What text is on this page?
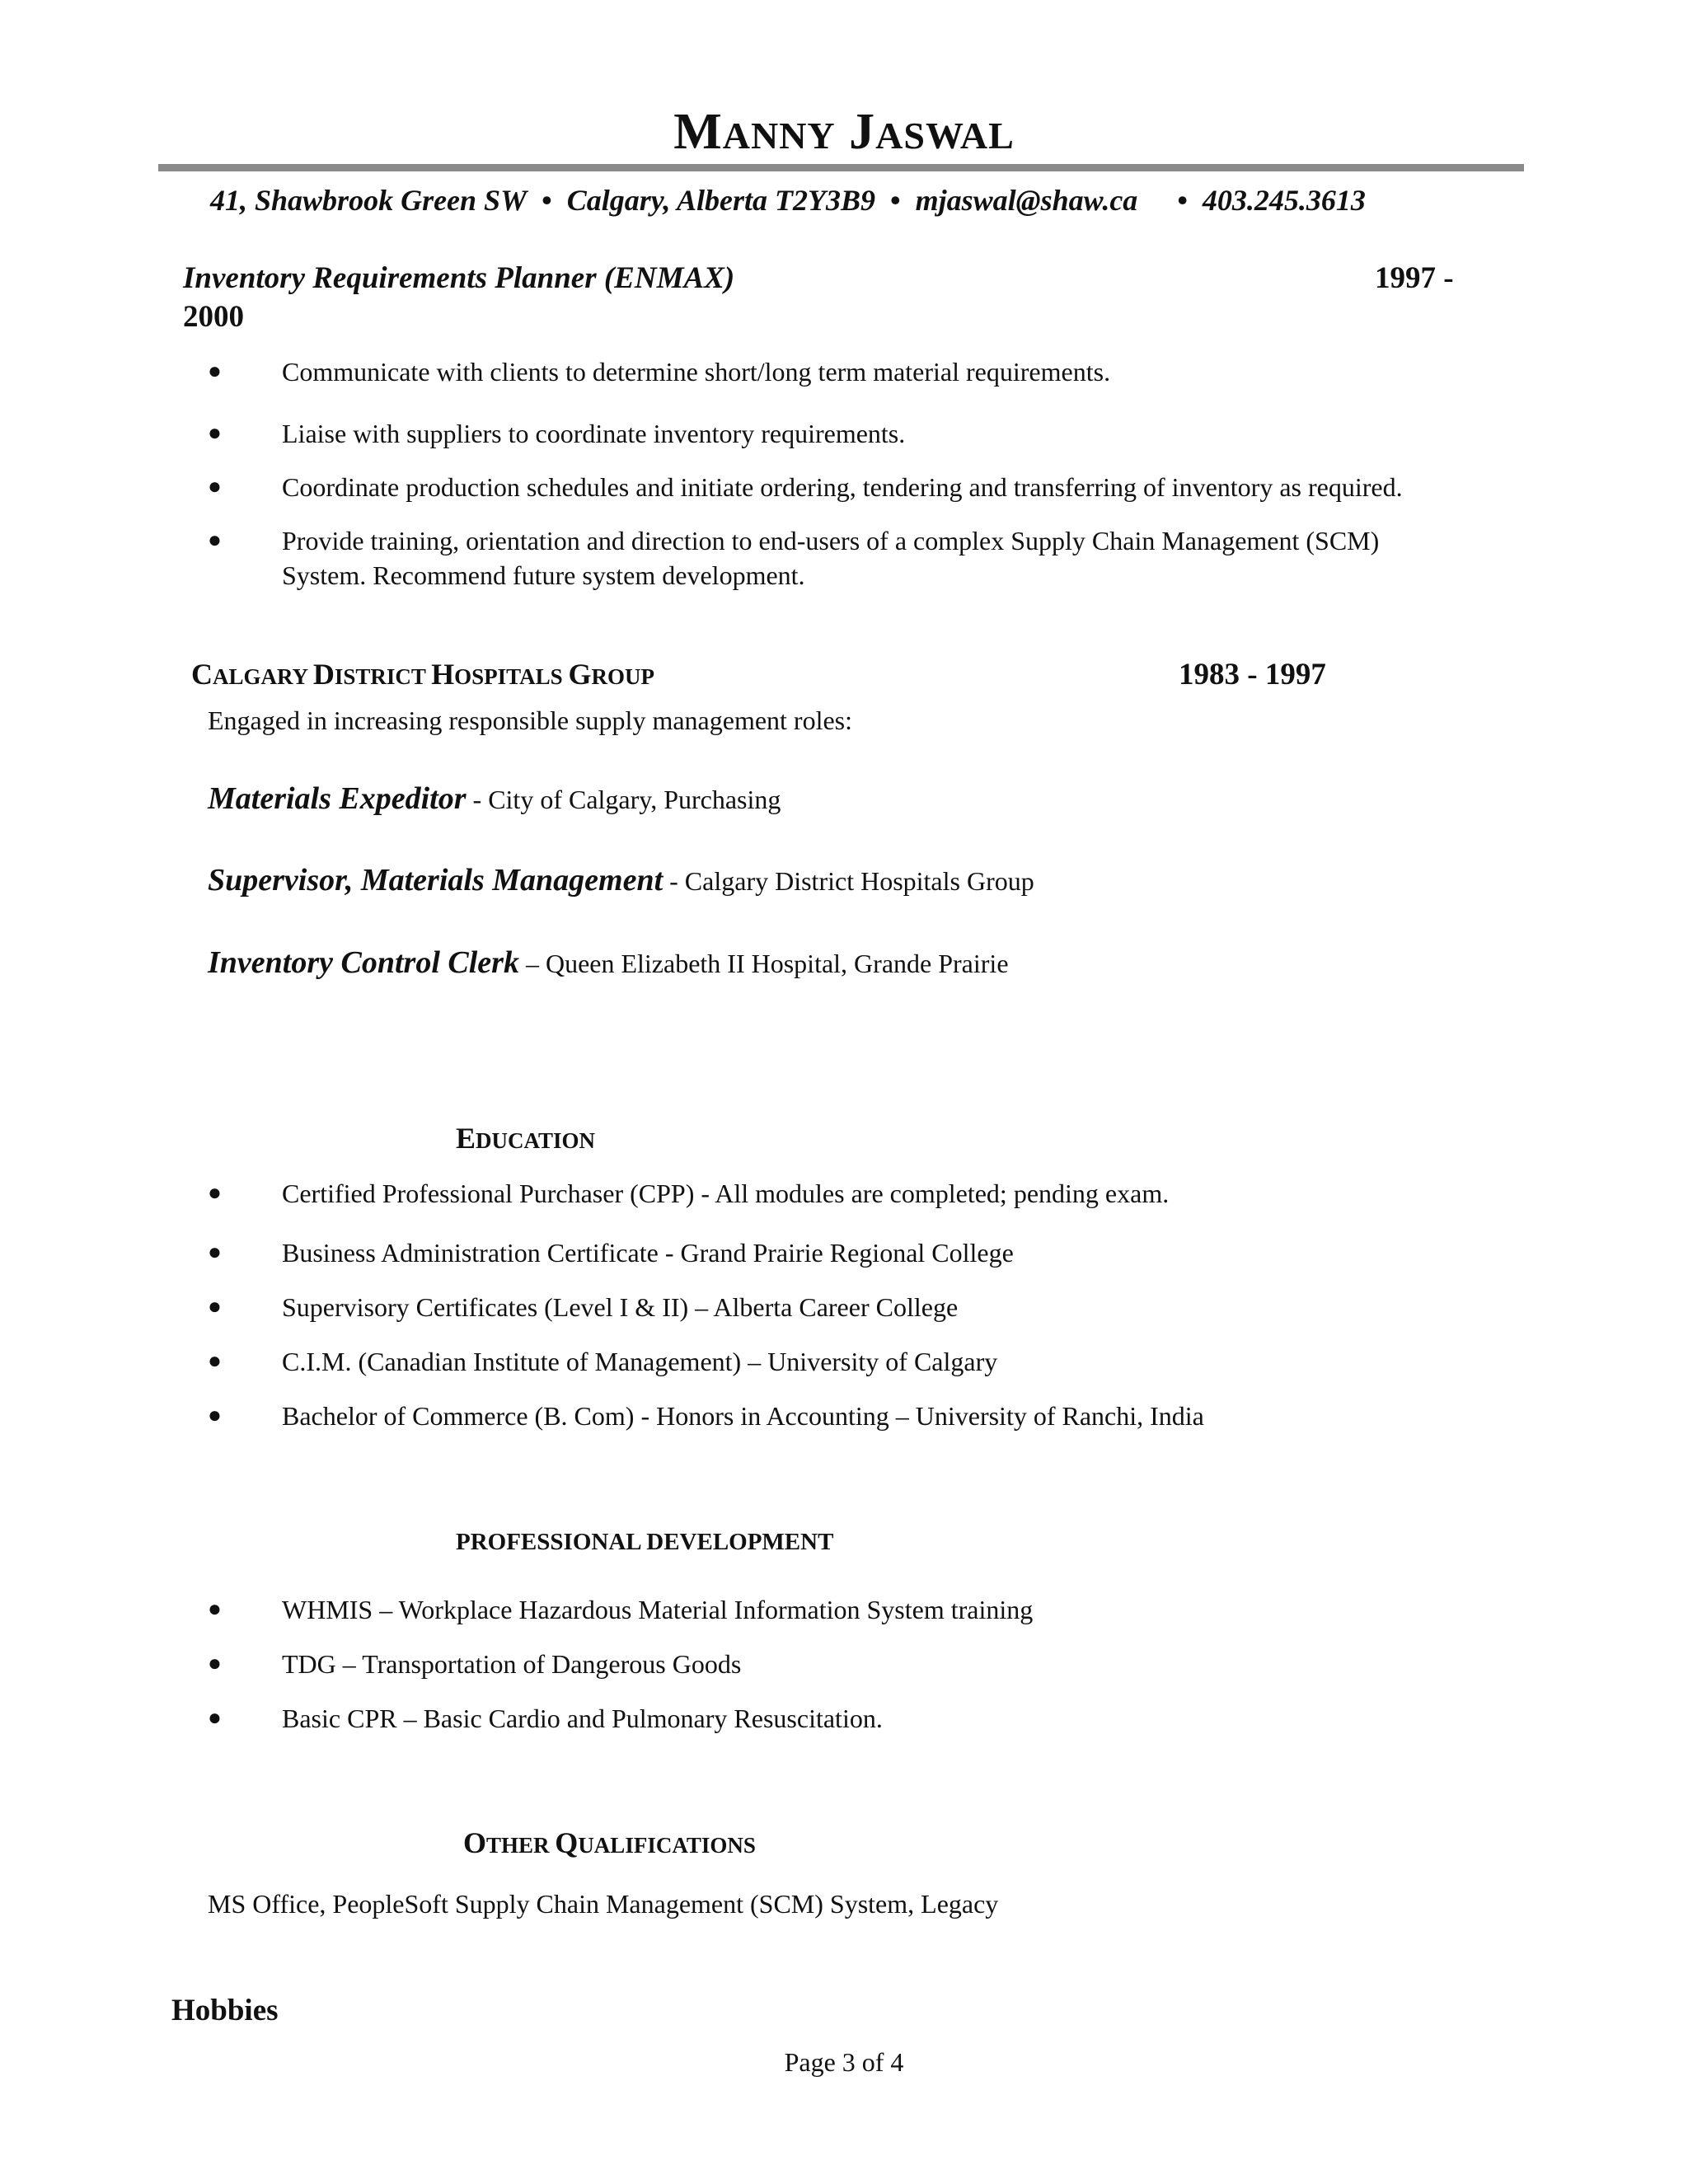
MANNY JASWAL
41, Shawbrook Green SW • Calgary, Alberta T2Y3B9 • mjaswal@shaw.ca • 403.245.3613
Inventory Requirements Planner (ENMAX)	1997 -
2000
●	Communicate with clients to determine short/long term material requirements.
●	Liaise with suppliers to coordinate inventory requirements.
●	Coordinate production schedules and initiate ordering, tendering and transferring of inventory as required.
●	Provide training, orientation and direction to end-users of a complex Supply Chain Management (SCM)
System. Recommend future system development.
CALGARY DISTRICT HOSPITALS GROUP	1983 - 1997
Engaged in increasing responsible supply management roles:
Materials Expeditor - City of Calgary, Purchasing
Supervisor, Materials Management - Calgary District Hospitals Group
Inventory Control Clerk – Queen Elizabeth II Hospital, Grande Prairie
EDUCATION
●	Certified Professional Purchaser (CPP) - All modules are completed; pending exam.
●	Business Administration Certificate - Grand Prairie Regional College
●	Supervisory Certificates (Level I & II) – Alberta Career College
●	C.I.M. (Canadian Institute of Management) – University of Calgary
●	Bachelor of Commerce (B. Com) - Honors in Accounting – University of Ranchi, India
PROFESSIONAL DEVELOPMENT
●	WHMIS – Workplace Hazardous Material Information System training
●	TDG – Transportation of Dangerous Goods
●	Basic CPR – Basic Cardio and Pulmonary Resuscitation.
OTHER QUALIFICATIONS
MS Office, PeopleSoft Supply Chain Management (SCM) System, Legacy
Hobbies
Page 3 of 4
